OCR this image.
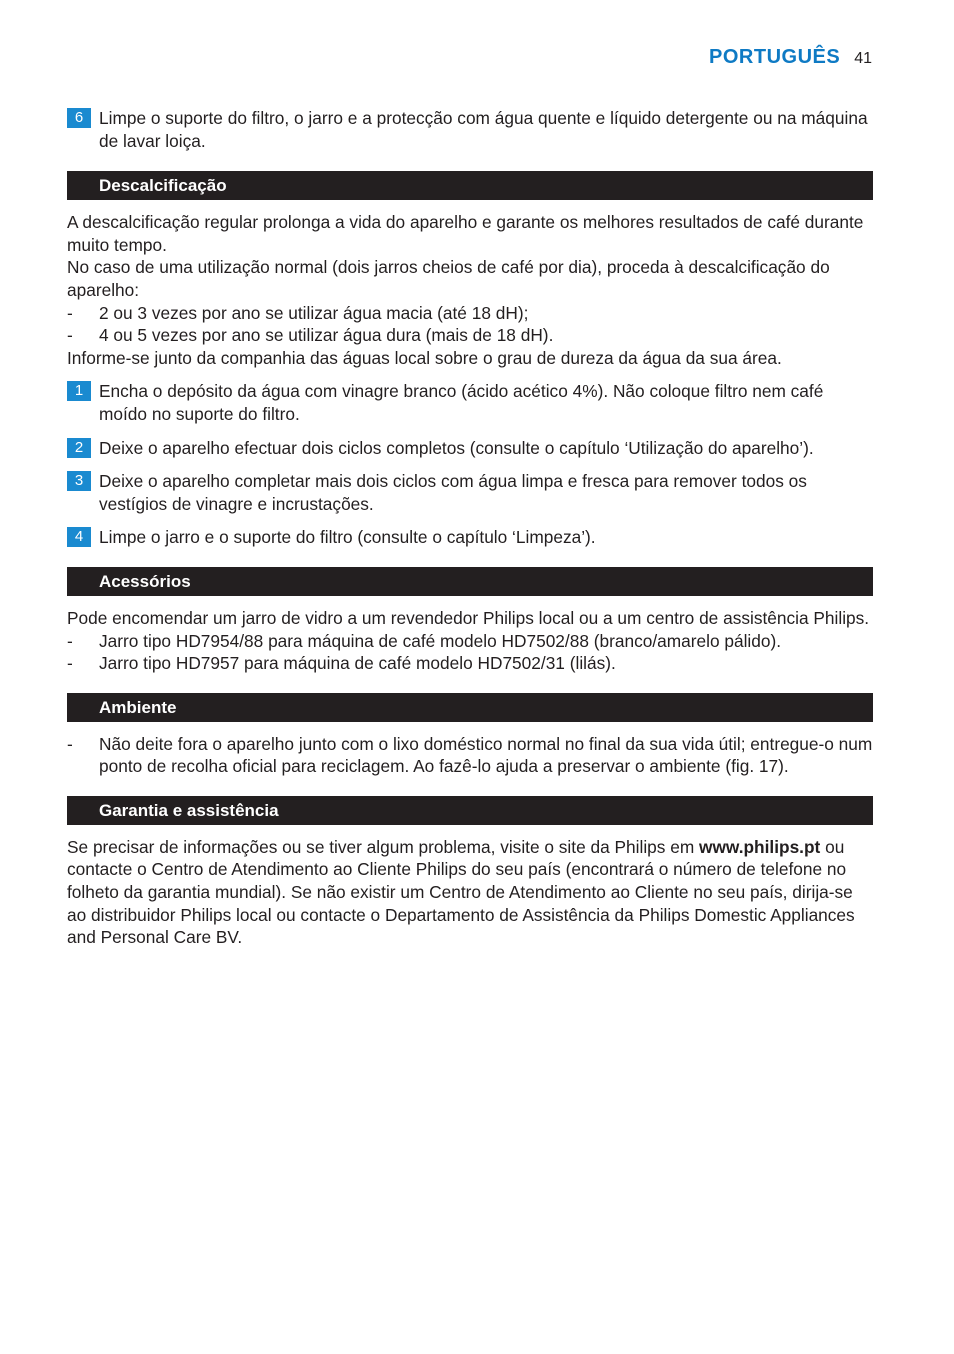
PORTUGUÊS 41
6 Limpe o suporte do filtro, o jarro e a protecção com água quente e líquido detergente ou na máquina de lavar loiça.
Descalcificação

A descalcificação regular prolonga a vida do aparelho e garante os melhores resultados de café durante muito tempo.

No caso de uma utilização normal (dois jarros cheios de café por dia), proceda à descalcificação do aparelho:

-	2 ou 3 vezes por ano se utilizar água macia (até 18 dH);
-	4 ou 5 vezes por ano se utilizar água dura (mais de 18 dH).

Informe-se junto da companhia das águas local sobre o grau de dureza da água da sua área.

1 Encha o depósito da água com vinagre branco (ácido acético 4%). Não coloque filtro nem café moído no suporte do filtro.
2 Deixe o aparelho efectuar dois ciclos completos (consulte o capítulo ‘Utilização do aparelho’).
3 Deixe o aparelho completar mais dois ciclos com água limpa e fresca para remover todos os vestígios de vinagre e incrustações.
4 Limpe o jarro e o suporte do filtro (consulte o capítulo ‘Limpeza’).
Acessórios

Pode encomendar um jarro de vidro a um revendedor Philips local ou a um centro de assistência Philips.

-	Jarro tipo HD7954/88 para máquina de café modelo HD7502/88 (branco/amarelo pálido).
-	Jarro tipo HD7957 para máquina de café modelo HD7502/31 (lilás).
Ambiente
-	Não deite fora o aparelho junto com o lixo doméstico normal no final da sua vida útil; entregue-o num ponto de recolha oficial para reciclagem. Ao fazê-lo ajuda a preservar o ambiente (fig. 17).
Garantia e assistência

Se precisar de informações ou se tiver algum problema, visite o site da Philips em www.philips.pt ou contacte o Centro de Atendimento ao Cliente Philips do seu país (encontrará o número de telefone no folheto da garantia mundial). Se não existir um Centro de Atendimento ao Cliente no seu país, dirija-se ao distribuidor Philips local ou contacte o Departamento de Assistência da Philips Domestic Appliances and Personal Care BV.
